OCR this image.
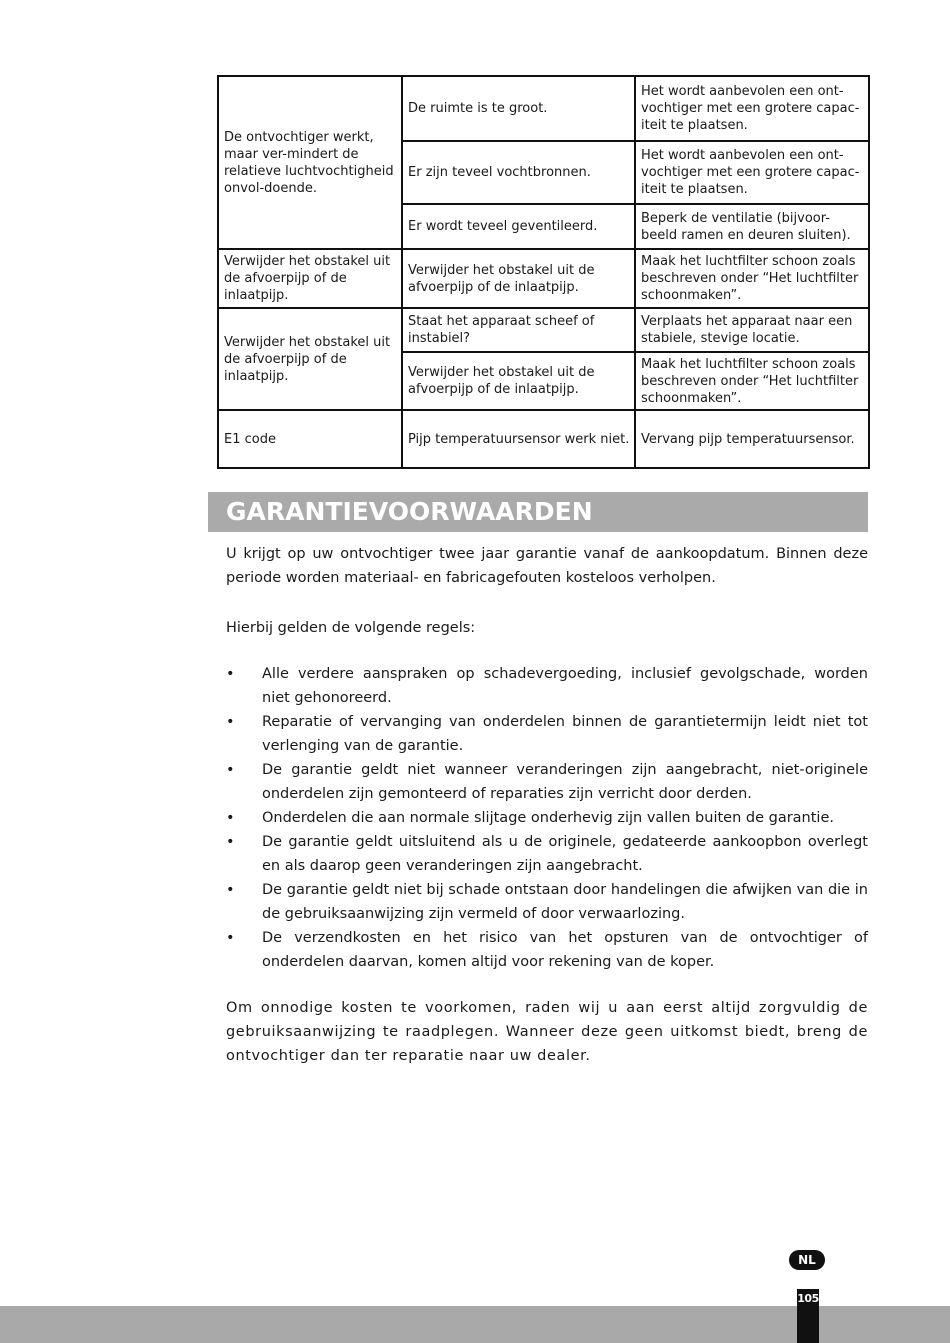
De ontvochtiger werkt, maar ver-mindert de relatieve luchtvochtigheid onvol-doende.	De ruimte is te groot.	Het wordt aanbevolen een ont-vochtiger met een grotere capac-iteit te plaatsen.
	Er zijn teveel vochtbronnen.	Het wordt aanbevolen een ont-vochtiger met een grotere capac-iteit te plaatsen.
	Er wordt teveel geventileerd.	Beperk de ventilatie (bijvoor-beeld ramen en deuren sluiten).
Verwijder het obstakel uit de afvoerpijp of de inlaatpijp.	Verwijder het obstakel uit de afvoerpijp of de inlaatpijp.	Maak het luchtfilter schoon zoals beschreven onder “Het luchtfilter schoonmaken”.
Verwijder het obstakel uit de afvoerpijp of de inlaatpijp.	Staat het apparaat scheef of instabiel?	Verplaats het apparaat naar een stabiele, stevige locatie.
	Verwijder het obstakel uit de afvoerpijp of de inlaatpijp.	Maak het luchtfilter schoon zoals beschreven onder “Het luchtfilter schoonmaken”.
E1 code	Pijp temperatuursensor werk niet.	Vervang pijp temperatuursensor.
GARANTIEVOORWAARDEN

U krijgt op uw ontvochtiger twee jaar garantie vanaf de aankoopdatum. Binnen deze periode worden materiaal- en fabricagefouten kosteloos verholpen.

Hierbij gelden de volgende regels:

• Alle verdere aanspraken op schadevergoeding, inclusief gevolgschade, worden niet gehonoreerd.
• Reparatie of vervanging van onderdelen binnen de garantietermijn leidt niet tot verlenging van de garantie.
• De garantie geldt niet wanneer veranderingen zijn aangebracht, niet-originele onderdelen zijn gemonteerd of reparaties zijn verricht door derden.
• Onderdelen die aan normale slijtage onderhevig zijn vallen buiten de garantie.
• De garantie geldt uitsluitend als u de originele, gedateerde aankoopbon overlegt en als daarop geen veranderingen zijn aangebracht.
• De garantie geldt niet bij schade ontstaan door handelingen die afwijken van die in de gebruiksaanwijzing zijn vermeld of door verwaarlozing.
• De verzendkosten en het risico van het opsturen van de ontvochtiger of onderdelen daarvan, komen altijd voor rekening van de koper.

Om onnodige kosten te voorkomen, raden wij u aan eerst altijd zorgvuldig de gebruiksaanwijzing te raadplegen. Wanneer deze geen uitkomst biedt, breng de ontvochtiger dan ter reparatie naar uw dealer.

NL
105
